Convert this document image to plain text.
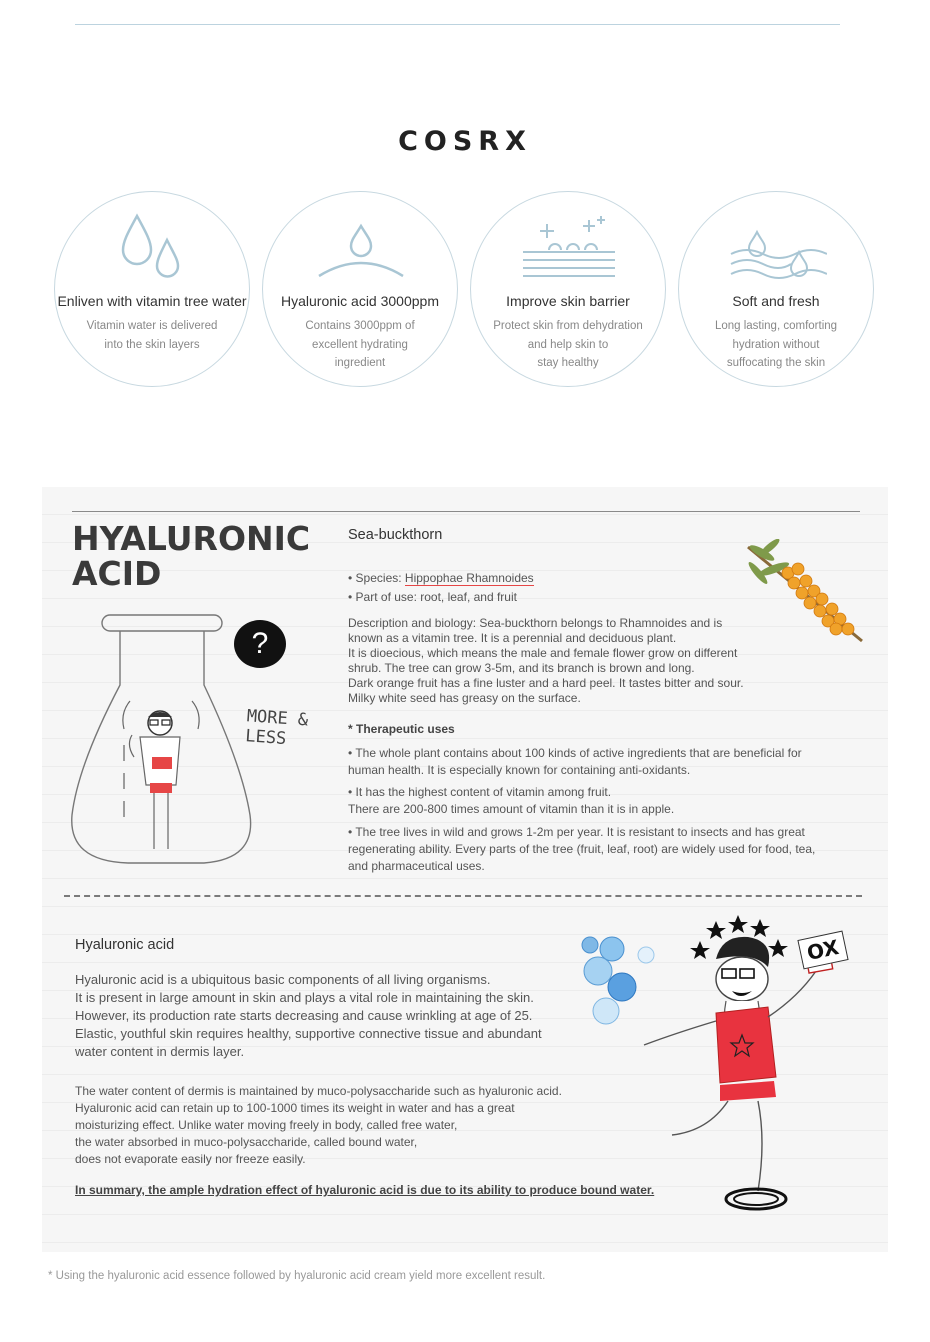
COSRX
Enliven with vitamin tree water
Vitamin water is delivered
into the skin layers
Hyaluronic acid 3000ppm
Contains 3000ppm of
excellent hydrating
ingredient
Improve skin barrier
Protect skin from dehydration
and help skin to
stay healthy
Soft and fresh
Long lasting, comforting
hydration without
suffocating the skin
HYALURONIC
ACID
?
MORE & LESS
Sea-buckthorn
• Species: Hippophae Rhamnoides
• Part of use: root, leaf, and fruit
Description and biology: Sea-buckthorn belongs to Rhamnoides and is
known as a vitamin tree. It is a perennial and deciduous plant.
It is dioecious, which means the male and female flower grow on different
shrub. The tree can grow 3-5m, and its branch is brown and long.
Dark orange fruit has a fine luster and a hard peel. It tastes bitter and sour.
Milky white seed has greasy on the surface.
* Therapeutic uses
• The whole plant contains about 100 kinds of active ingredients that are beneficial for
human health. It is especially known for containing anti-oxidants.
• It has the highest content of vitamin among fruit.
There are 200-800 times amount of vitamin than it is in apple.
• The tree lives in wild and grows 1-2m per year. It is resistant to insects and has great
regenerating ability. Every parts of the tree (fruit, leaf, root) are widely used for food, tea,
and pharmaceutical uses.
Hyaluronic acid
Hyaluronic acid is a ubiquitous basic components of all living organisms.
It is present in large amount in skin and plays a vital role in maintaining the skin.
However, its production rate starts decreasing and cause wrinkling at age of 25.
Elastic, youthful skin requires healthy, supportive connective tissue and abundant
water content in dermis layer.
The water content of dermis is maintained by muco-polysaccharide such as hyaluronic acid.
Hyaluronic acid can retain up to 100-1000 times its weight in water and has a great
moisturizing effect. Unlike water moving freely in body, called free water,
the water absorbed in muco-polysaccharide, called bound water,
does not evaporate easily nor freeze easily.
In summary, the ample hydration effect of hyaluronic acid is due to its ability to produce bound water.
OX
* Using the hyaluronic acid essence followed by hyaluronic acid cream yield more excellent result.
